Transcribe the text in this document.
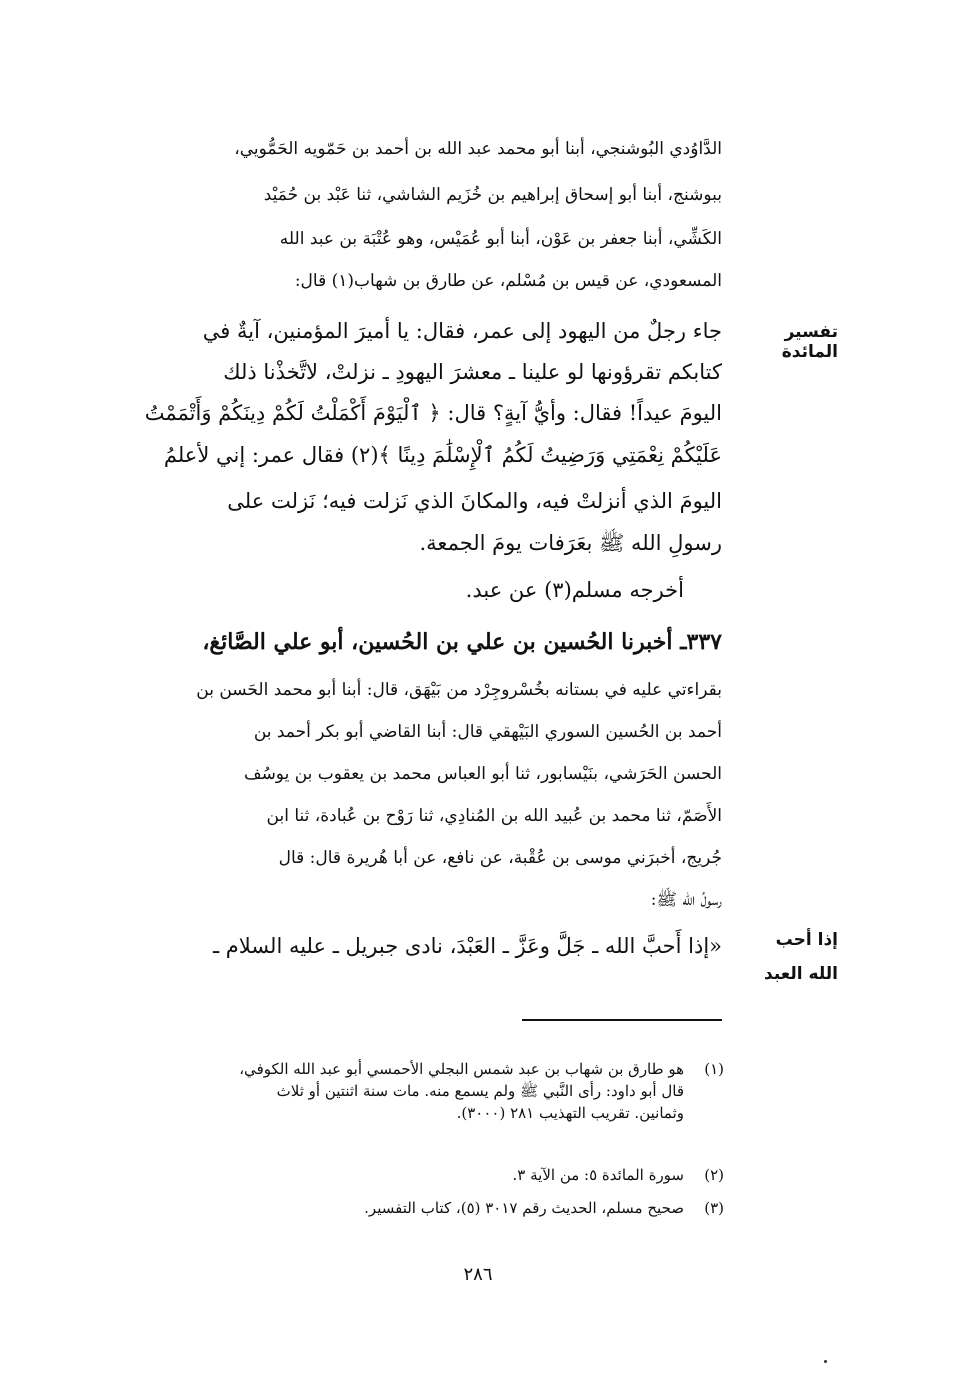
الدَّاوُدي البُوشنجي، أبنا أبو محمد عبد الله بن أحمد بن حَمّويه الحَمُّويي،
ببوشنج، أبنا أبو إسحاق إبراهيم بن خُزَيم الشاشي، ثنا عَبْد بن حُمَيْد
الكَشِّي، أبنا جعفر بن عَوْن، أبنا أبو عُمَيْس، وهو عُتْبَة بن عبد الله
المسعودي، عن قيس بن مُسْلم، عن طارق بن شهاب(١) قال:
جاء رجلٌ من اليهود إلى عمر، فقال: يا أميرَ المؤمنين، آيةٌ في
كتابكم تقرؤونها لو علينا ـ معشرَ اليهودِ ـ نزلتْ، لاتَّخذْنا ذلك
اليومَ عيداً! فقال: وأيُّ آيةٍ؟ قال: ﴿ ٱلْيَوْمَ أَكْمَلْتُ لَكُمْ دِينَكُمْ وَأَتْمَمْتُ
عَلَيْكُمْ نِعْمَتِي وَرَضِيتُ لَكُمُ ٱلْإِسْلَٰمَ دِينًا ﴾(٢) فقال عمر: إني لأعلمُ
اليومَ الذي أنزلتْ فيه، والمكانَ الذي نَزلت فيه؛ نَزلت على
رسولِ الله ﷺ بعَرَفات يومَ الجمعة.
أخرجه مسلم(٣) عن عبد.
٣٣٧ـ أخبرنا الحُسين بن علي بن الحُسين، أبو علي الصَّائغ،
بقراءتي عليه في بستانه بخُسْروجِرْد من بَيْهَق، قال: أبنا أبو محمد الحَسن بن
أحمد بن الحُسين السوري البَيْهقي قال: أبنا القاضي أبو بكر أحمد بن
الحسن الحَرَشي، بنَيْسابور، ثنا أبو العباس محمد بن يعقوب بن يوسُف
الأَصَمّ، ثنا محمد بن عُبيد الله بن المُنادِي، ثنا رَوْح بن عُبادة، ثنا ابن
جُريج، أخبرَني موسى بن عُقْبة، عن نافع، عن أبا هُريرة قال: قال
رسولُ الله ﷺ:
«إذا أَحبَّ الله ـ جَلَّ وعَزَّ ـ العَبْدَ، نادى جبريل ـ عليه السلام ـ
تفسير المائدة
إذا أحب
الله العبد
(١)هو طارق بن شهاب بن عبد شمس البجلي الأحمسي أبو عبد الله الكوفي،
قال أبو داود: رأى النَّبي ﷺ ولم يسمع منه. مات سنة اثنتين أو ثلاث
وثمانين. تقريب التهذيب ٢٨١ (٣٠٠٠).
(٢)سورة المائدة ٥: من الآية ٣.
(٣)صحيح مسلم، الحديث رقم ٣٠١٧ (٥)، كتاب التفسير.
٢٨٦
